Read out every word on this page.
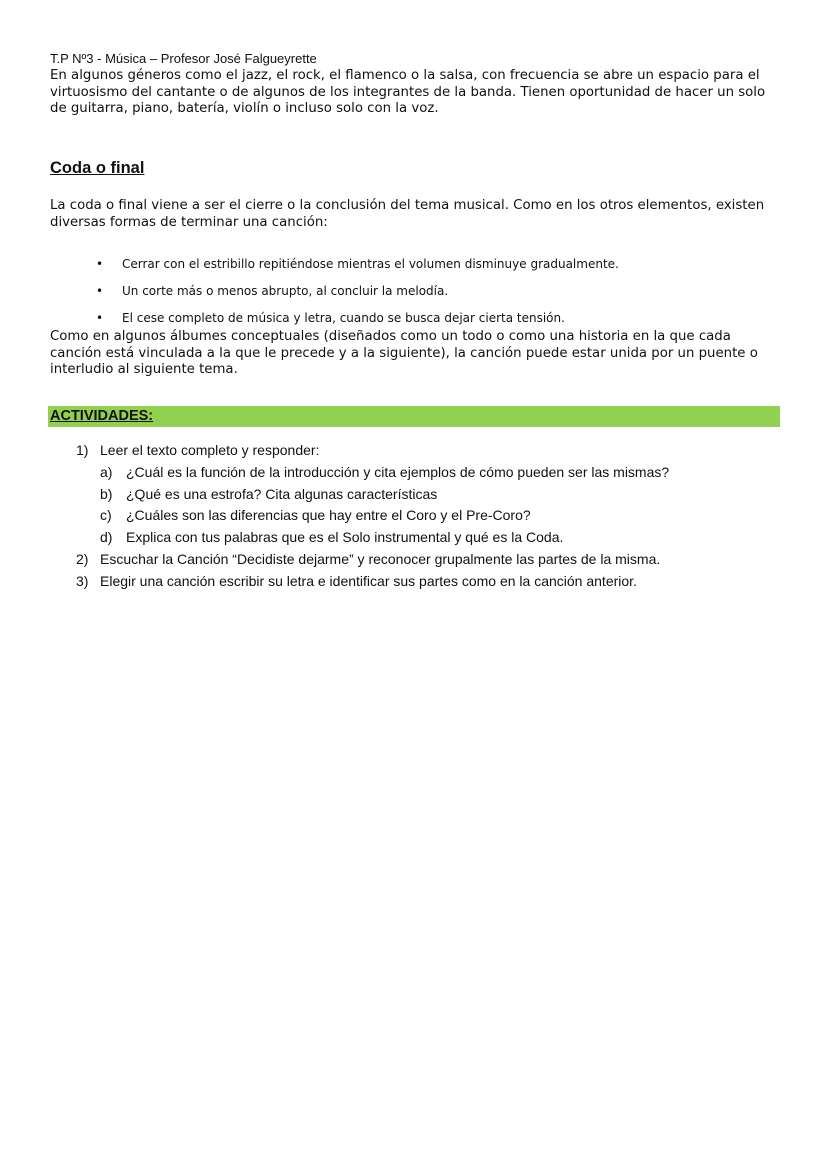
T.P Nº3 - Música – Profesor José Falgueyrette

En algunos géneros como el jazz, el rock, el flamenco o la salsa, con frecuencia se abre un espacio para el virtuosismo del cantante o de algunos de los integrantes de la banda. Tienen oportunidad de hacer un solo de guitarra, piano, batería, violín o incluso solo con la voz.

Coda o final

La coda o final viene a ser el cierre o la conclusión del tema musical. Como en los otros elementos, existen diversas formas de terminar una canción:

• Cerrar con el estribillo repitiéndose mientras el volumen disminuye gradualmente.
• Un corte más o menos abrupto, al concluir la melodía.
• El cese completo de música y letra, cuando se busca dejar cierta tensión.

Como en algunos álbumes conceptuales (diseñados como un todo o como una historia en la que cada canción está vinculada a la que le precede y a la siguiente), la canción puede estar unida por un puente o interludio al siguiente tema.

ACTIVIDADES:
1) Leer el texto completo y responder:
a) ¿Cuál es la función de la introducción y cita ejemplos de cómo pueden ser las mismas?
b) ¿Qué es una estrofa? Cita algunas características
c) ¿Cuáles son las diferencias que hay entre el Coro y el Pre-Coro?
d) Explica con tus palabras que es el Solo instrumental y qué es la Coda.
2) Escuchar la Canción “Decidiste dejarme” y reconocer grupalmente las partes de la misma.
3) Elegir una canción escribir su letra e identificar sus partes como en la canción anterior.
